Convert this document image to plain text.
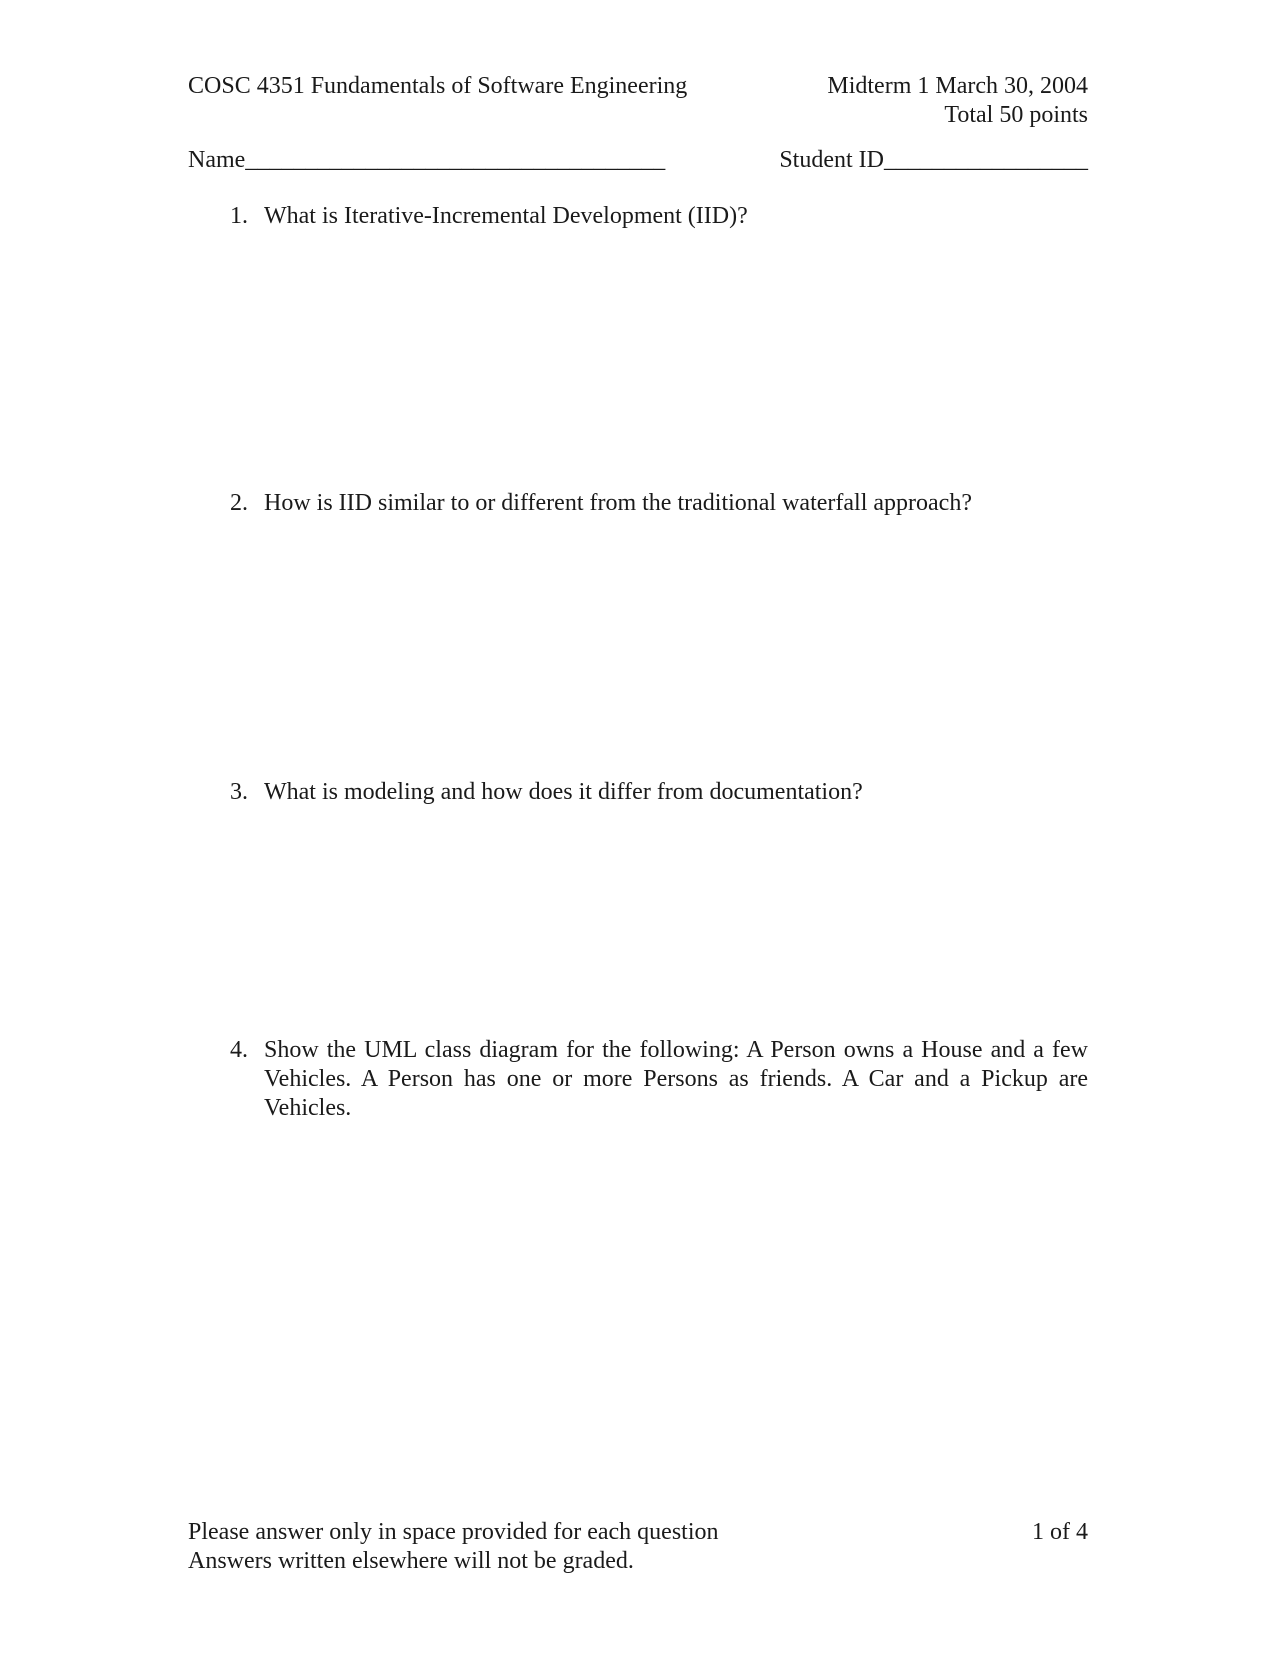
COSC 4351 Fundamentals of Software Engineering	Midterm 1 March 30, 2004
Total 50 points
Name___________________________________	Student ID_________________
1. What is Iterative-Incremental Development (IID)?
2. How is IID similar to or different from the traditional waterfall approach?
3. What is modeling and how does it differ from documentation?
4. Show the UML class diagram for the following: A Person owns a House and a few Vehicles. A Person has one or more Persons as friends. A Car and a Pickup are Vehicles.
Please answer only in space provided for each question
Answers written elsewhere will not be graded.
1 of 4
